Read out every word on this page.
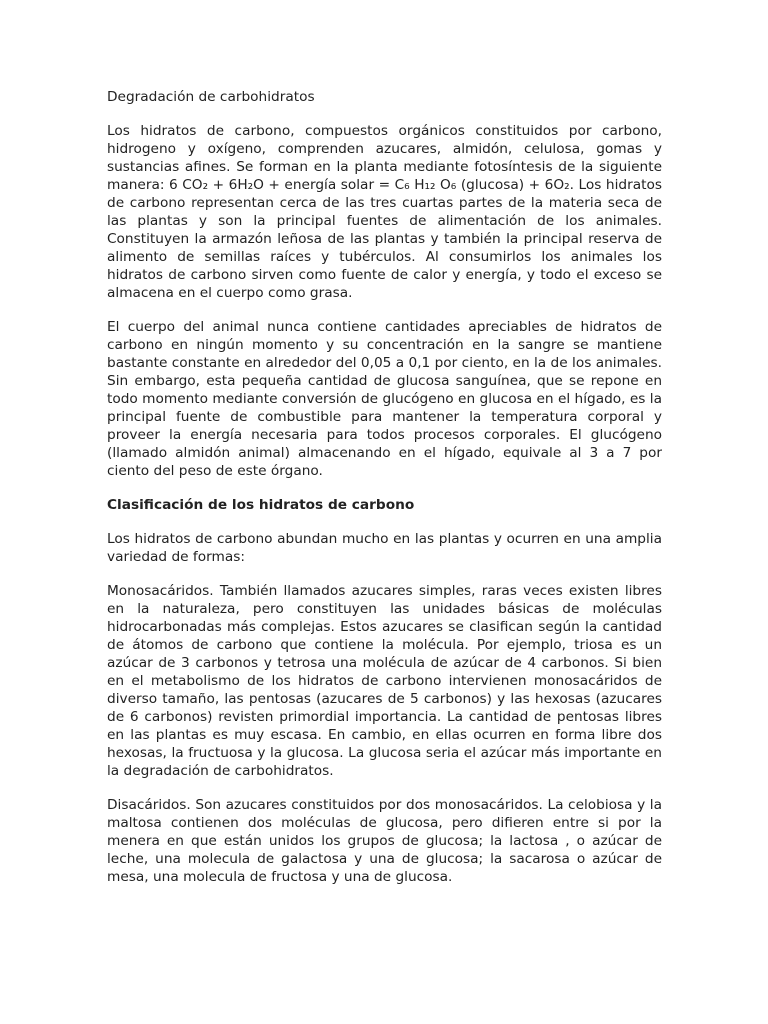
Degradación de carbohidratos

Los hidratos de carbono, compuestos orgánicos constituidos por carbono, hidrogeno y oxígeno, comprenden azucares, almidón, celulosa, gomas y sustancias afines. Se forman en la planta mediante fotosíntesis de la siguiente manera: 6 CO₂ + 6H₂O + energía solar = C₆ H₁₂ O₆ (glucosa) + 6O₂. Los hidratos de carbono representan cerca de las tres cuartas partes de la materia seca de las plantas y son la principal fuentes de alimentación de los animales. Constituyen la armazón leñosa de las plantas y también la principal reserva de alimento de semillas raíces y tubérculos. Al consumirlos los animales los hidratos de carbono sirven como fuente de calor y energía, y todo el exceso se almacena en el cuerpo como grasa.

El cuerpo del animal nunca contiene cantidades apreciables de hidratos de carbono en ningún momento y su concentración en la sangre se mantiene bastante constante en alrededor del 0,05 a 0,1 por ciento, en la de los animales. Sin embargo, esta pequeña cantidad de glucosa sanguínea, que se repone en todo momento mediante conversión de glucógeno en glucosa en el hígado, es la principal fuente de combustible para mantener la temperatura corporal y proveer la energía necesaria para todos procesos corporales. El glucógeno (llamado almidón animal) almacenando en el hígado, equivale al 3 a 7 por ciento del peso de este órgano.

Clasificación de los hidratos de carbono

Los hidratos de carbono abundan mucho en las plantas y ocurren en una amplia variedad de formas:

Monosacáridos. También llamados azucares simples, raras veces existen libres en la naturaleza, pero constituyen las unidades básicas de moléculas hidrocarbonadas más complejas. Estos azucares se clasifican según la cantidad de átomos de carbono que contiene la molécula. Por ejemplo, triosa es un azúcar de 3 carbonos y tetrosa una molécula de azúcar de 4 carbonos. Si bien en el metabolismo de los hidratos de carbono intervienen monosacáridos de diverso tamaño, las pentosas (azucares de 5 carbonos) y las hexosas (azucares de 6 carbonos) revisten primordial importancia. La cantidad de pentosas libres en las plantas es muy escasa. En cambio, en ellas ocurren en forma libre dos hexosas, la fructuosa y la glucosa. La glucosa seria el azúcar más importante en la degradación de carbohidratos.

Disacáridos. Son azucares constituidos por dos monosacáridos. La celobiosa y la maltosa contienen dos moléculas de glucosa, pero difieren entre si por la menera en que están unidos los grupos de glucosa; la lactosa , o azúcar de leche, una molecula de galactosa y una de glucosa; la sacarosa o azúcar de mesa, una molecula de fructosa y una de glucosa.
